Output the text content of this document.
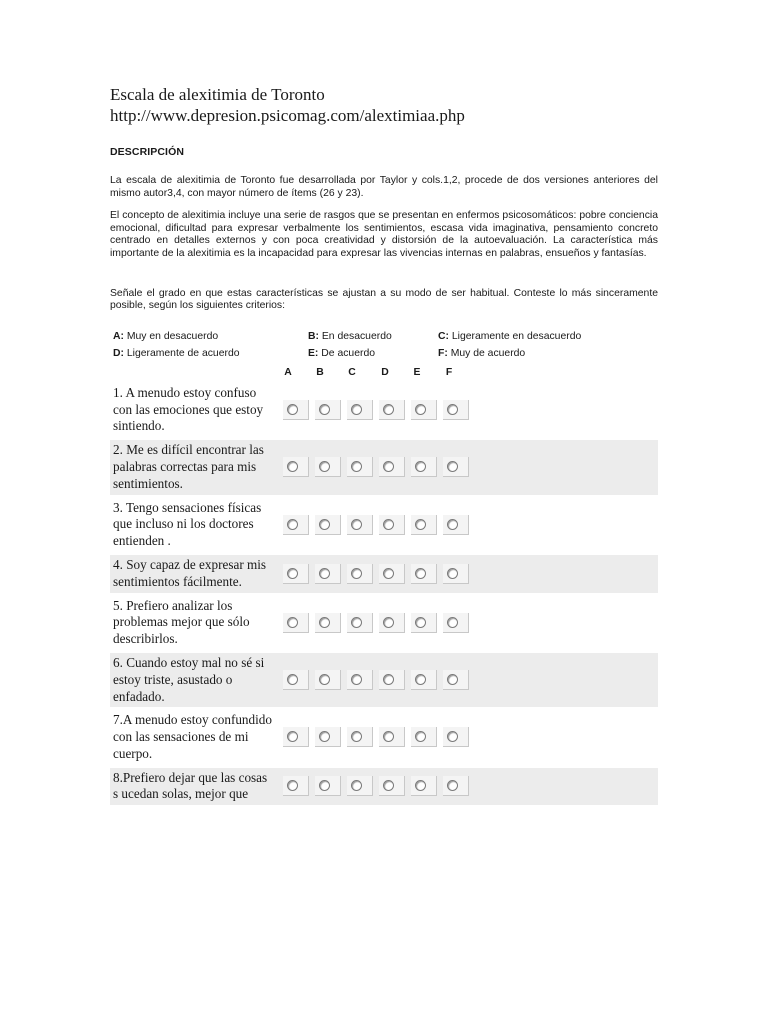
Escala de alexitimia de Toronto
http://www.depresion.psicomag.com/alextimiaa.php
DESCRIPCIÓN

La escala de alexitimia de Toronto fue desarrollada por Taylor y cols.1,2, procede de dos versiones anteriores del mismo autor3,4, con mayor número de ítems (26 y 23).

El concepto de alexitimia incluye una serie de rasgos que se presentan en enfermos psicosomáticos: pobre conciencia emocional, dificultad para expresar verbalmente los sentimientos, escasa vida imaginativa, pensamiento concreto centrado en detalles externos y con poca creatividad y distorsión de la autoevaluación. La característica más importante de la alexitimia es la incapacidad para expresar las vivencias internas en palabras, ensueños y fantasías.

Señale el grado en que estas características se ajustan a su modo de ser habitual. Conteste lo más sinceramente posible, según los siguientes criterios:

A: Muy en desacuerdo	B: En desacuerdo	C: Ligeramente en desacuerdo
D: Ligeramente de acuerdo	E: De acuerdo	F: Muy de acuerdo
A B C D E F
1. A menudo estoy confuso con las emociones que estoy sintiendo.
2. Me es difícil encontrar las palabras correctas para mis sentimientos.
3. Tengo sensaciones físicas que incluso ni los doctores entienden .
4. Soy capaz de expresar mis sentimientos fácilmente.
5. Prefiero analizar los problemas mejor que sólo describirlos.
6. Cuando estoy mal no sé si estoy triste, asustado o enfadado.
7.A menudo estoy confundido con las sensaciones de mi cuerpo.
8.Prefiero dejar que las cosas s ucedan solas, mejor que
